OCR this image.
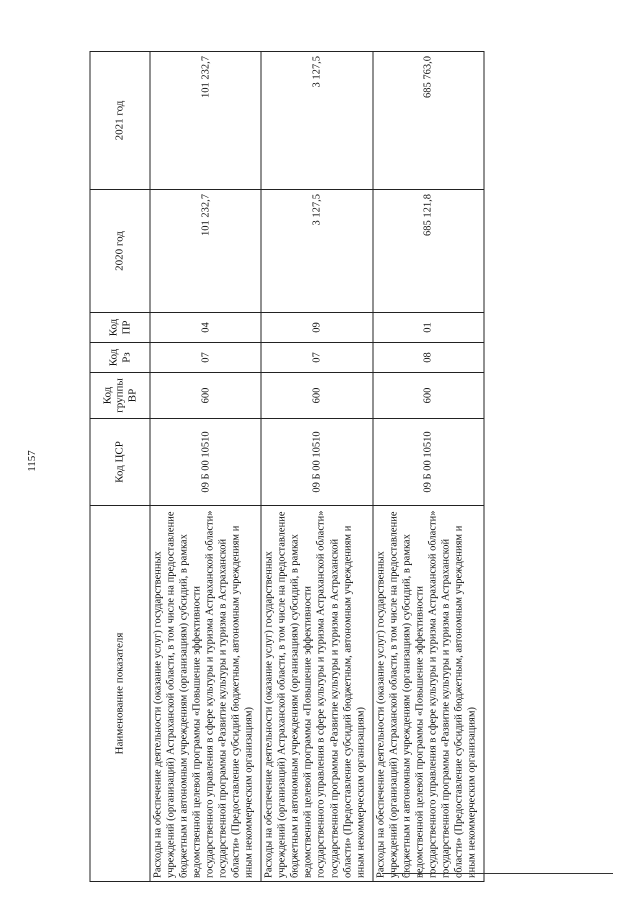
1157
Наименование показателя	Код ЦСР	Код группы ВР	Код Рз	Код ПР	2020 год	2021 год
Расходы на обеспечение деятельности (оказание услуг) государственных учреждений (организаций) Астраханской области, в том числе на предоставление бюджетным и автономным учреждениям (организациям) субсидий, в рамках ведомственной целевой программы «Повышение эффективности государственного управления в сфере культуры и туризма Астраханской области» государственной программы «Развитие культуры и туризма в Астраханской области» (Предоставление субсидий бюджетным, автономным учреждениям и иным некоммерческим организациям)	09 Б 00 10510	600	07	04	101 232,7	101 232,7
Расходы на обеспечение деятельности (оказание услуг) государственных учреждений (организаций) Астраханской области, в том числе на предоставление бюджетным и автономным учреждениям (организациям) субсидий, в рамках ведомственной целевой программы «Повышение эффективности государственного управления в сфере культуры и туризма Астраханской области» государственной программы «Развитие культуры и туризма в Астраханской области» (Предоставление субсидий бюджетным, автономным учреждениям и иным некоммерческим организациям)	09 Б 00 10510	600	07	09	3 127,5	3 127,5
Расходы на обеспечение деятельности (оказание услуг) государственных учреждений (организаций) Астраханской области, в том числе на предоставление бюджетным и автономным учреждениям (организациям) субсидий, в рамках ведомственной целевой программы «Повышение эффективности государственного управления в сфере культуры и туризма Астраханской области» государственной программы «Развитие культуры и туризма в Астраханской области» (Предоставление субсидий бюджетным, автономным учреждениям и иным некоммерческим организациям)	09 Б 00 10510	600	08	01	685 121,8	685 763,0
